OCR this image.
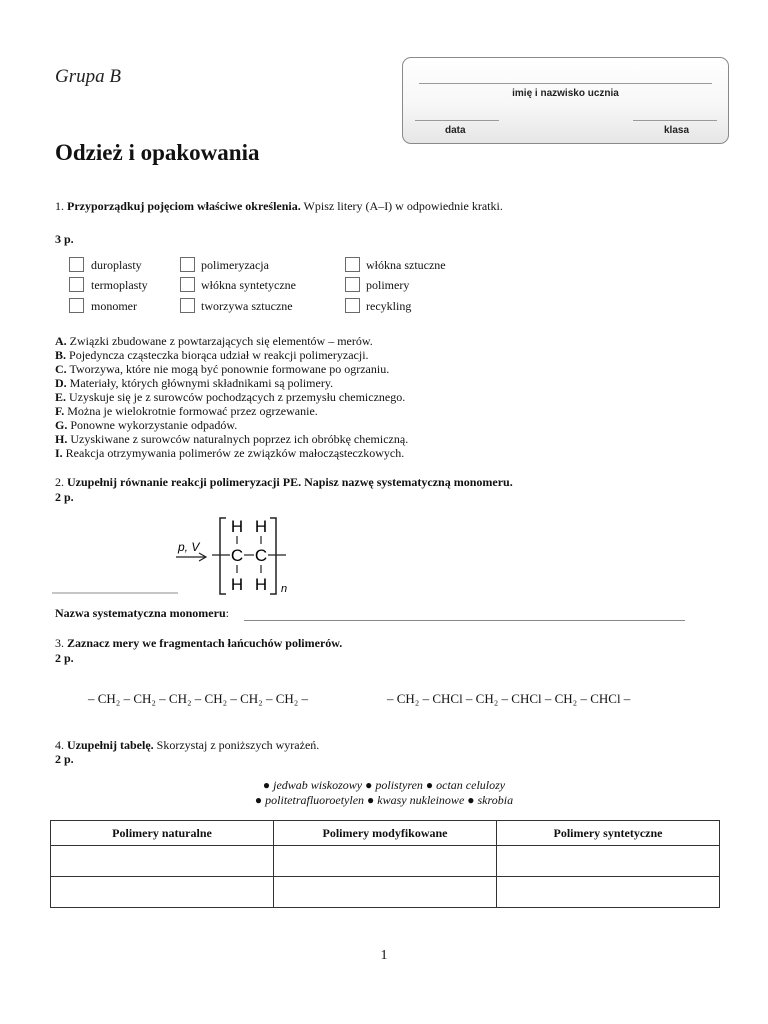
Grupa B
imię i nazwisko ucznia
data	klasa
Odzież i opakowania
1. Przyporządkuj pojęciom właściwe określenia. Wpisz litery (A–I) w odpowiednie kratki.
3 p.
duroplasty	polimeryzacja	włókna sztuczne
termoplasty	włókna syntetyczne	polimery
monomer	tworzywa sztuczne	recykling
A. Związki zbudowane z powtarzających się elementów – merów.
B. Pojedyncza cząsteczka biorąca udział w reakcji polimeryzacji.
C. Tworzywa, które nie mogą być ponownie formowane po ogrzaniu.
D. Materiały, których głównymi składnikami są polimery.
E. Uzyskuje się je z surowców pochodzących z przemysłu chemicznego.
F. Można je wielokrotnie formować przez ogrzewanie.
G. Ponowne wykorzystanie odpadów.
H. Uzyskiwane z surowców naturalnych poprzez ich obróbkę chemiczną.
I. Reakcja otrzymywania polimerów ze związków małocząsteczkowych.
2. Uzupełnij równanie reakcji polimeryzacji PE. Napisz nazwę systematyczną monomeru.
2 p.
p, V
H H
C C
H H n
Nazwa systematyczna monomeru:
3. Zaznacz mery we fragmentach łańcuchów polimerów.
2 p.
– CH₂ – CH₂ – CH₂ – CH₂ – CH₂ – CH₂ –	– CH₂ – CHCl – CH₂ – CHCl – CH₂ – CHCl –
4. Uzupełnij tabelę. Skorzystaj z poniższych wyrażeń.
2 p.
● jedwab wiskozowy ● polistyren ● octan celulozy
● politetrafluoroetylen ● kwasy nukleinowe ● skrobia
Polimery naturalne	Polimery modyfikowane	Polimery syntetyczne

1
